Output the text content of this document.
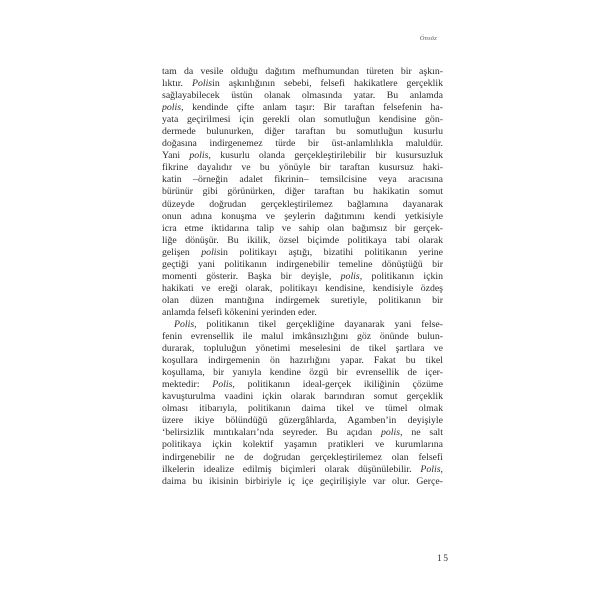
Önsöz
tam da vesile olduğu dağıtım mefhumundan türeten bir aşkın-
lıktır. Polisin aşkınlığının sebebi, felsefi hakikatlere gerçeklik
sağlayabilecek üstün olanak olmasında yatar. Bu anlamda
polis, kendinde çifte anlam taşır: Bir taraftan felsefenin ha-
yata geçirilmesi için gerekli olan somutluğun kendisine gön-
dermede bulunurken, diğer taraftan bu somutluğun kusurlu
doğasına indirgenemez türde bir üst-anlamlılıkla maluldür.
Yani polis, kusurlu olanda gerçekleştirilebilir bir kusursuzluk
fikrine dayalıdır ve bu yönüyle bir taraftan kusursuz haki-
katin –örneğin adalet fikrinin– temsilcisine veya aracısına
bürünür gibi görünürken, diğer taraftan bu hakikatin somut
düzeyde doğrudan gerçekleştirilemez bağlamına dayanarak
onun adına konuşma ve şeylerin dağıtımını kendi yetkisiyle
icra etme iktidarına talip ve sahip olan bağımsız bir gerçek-
liğe dönüşür. Bu ikilik, özsel biçimde politikaya tabi olarak
gelişen polisin politikayı aştığı, bizatihi politikanın yerine
geçtiği yani politikanın indirgenebilir temeline dönüştüğü bir
momenti gösterir. Başka bir deyişle, polis, politikanın içkin
hakikati ve ereği olarak, politikayı kendisine, kendisiyle özdeş
olan düzen mantığına indirgemek suretiyle, politikanın bir
anlamda felsefi kökenini yerinden eder.
Polis, politikanın tikel gerçekliğine dayanarak yani felse-
fenin evrensellik ile malul imkânsızlığını göz önünde bulun-
durarak, topluluğun yönetimi meselesini de tikel şartlara ve
koşullara indirgemenin ön hazırlığını yapar. Fakat bu tikel
koşullama, bir yanıyla kendine özgü bir evrensellik de içer-
mektedir: Polis, politikanın ideal-gerçek ikiliğinin çözüme
kavuşturulma vaadini içkin olarak barındıran somut gerçeklik
olması itibarıyla, politikanın daima tikel ve tümel olmak
üzere ikiye bölündüğü güzergâhlarda, Agamben’in deyişiyle
‘belirsizlik mıntıkaları’nda seyreder. Bu açıdan polis, ne salt
politikaya içkin kolektif yaşamın pratikleri ve kurumlarına
indirgenebilir ne de doğrudan gerçekleştirilemez olan felsefi
ilkelerin idealize edilmiş biçimleri olarak düşünülebilir. Polis,
daima bu ikisinin birbiriyle iç içe geçirilişiyle var olur. Gerçe-
15
